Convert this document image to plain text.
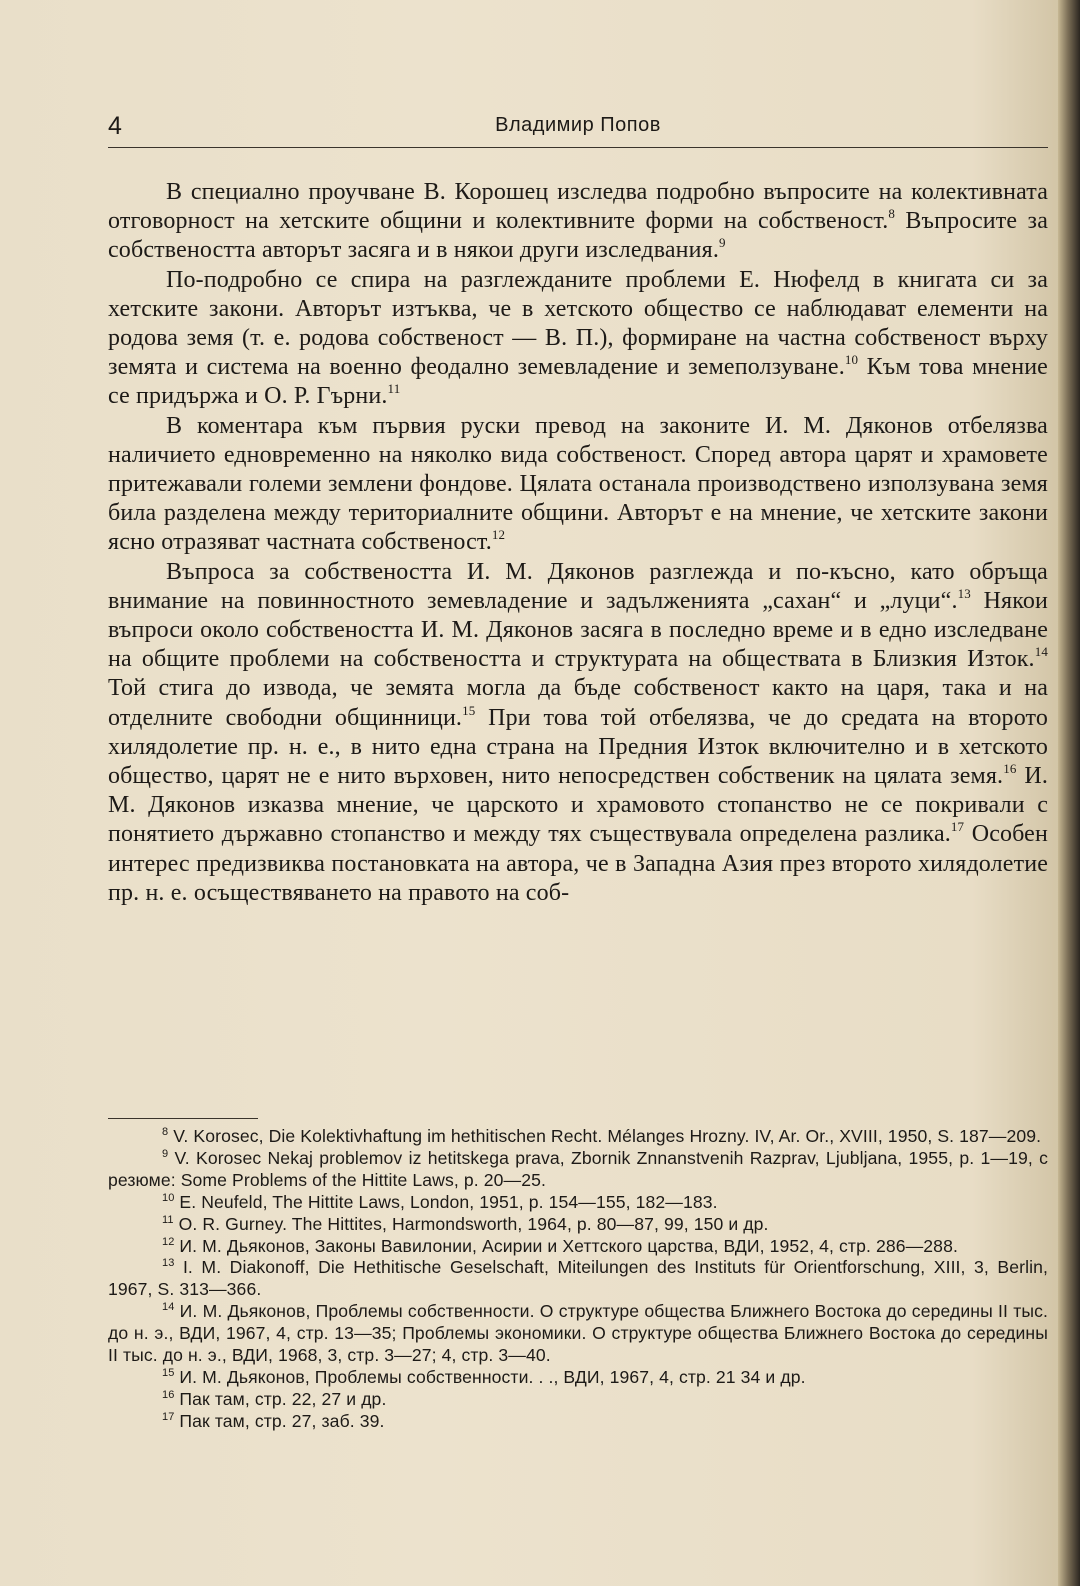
4	Владимир Попов

В специално проучване В. Корошец изследва подробно въпросите на колективната отговорност на хетските общини и колективните форми на собственост.$^8$ Въпросите за собствеността авторът засяга и в някои други изследвания.$^9$

По-подробно се спира на разглежданите проблеми Е. Нюфелд в книгата си за хетските закони. Авторът изтъква, че в хетското общество се наблюдават елементи на родова земя (т. е. родова собственост — В. П.), формиране на частна собственост върху земята и система на военно феодално земевладение и земеползуване.$^{10}$ Към това мнение се придържа и О. Р. Гърни.$^{11}$

В коментара към първия руски превод на законите И. М. Дяконов отбелязва наличието едновременно на няколко вида собственост. Според автора царят и храмовете притежавали големи землени фондове. Цялата останала производствено използувана земя била разделена между териториалните общини. Авторът е на мнение, че хетските закони ясно отразяват частната собственост.$^{12}$

Въпроса за собствеността И. М. Дяконов разглежда и по-късно, като обръща внимание на повинностното земевладение и задълженията „сахан“ и „луци“.$^{13}$ Някои въпроси около собствеността И. М. Дяконов засяга в последно време и в едно изследване на общите проблеми на собствеността и структурата на обществата в Близкия Изток.$^{14}$ Той стига до извода, че земята могла да бъде собственост както на царя, така и на отделните свободни общинници.$^{15}$ При това той отбелязва, че до средата на второто хилядолетие пр. н. е., в нито една страна на Предния Изток включително и в хетското общество, царят не е нито върховен, нито непосредствен собственик на цялата земя.$^{16}$ И. М. Дяконов изказва мнение, че царското и храмовото стопанство не се покривали с понятието държавно стопанство и между тях съществувала определена разлика.$^{17}$ Особен интерес предизвиква постановката на автора, че в Западна Азия през второто хилядолетие пр. н. е. осъществяването на правото на соб-

$^8$ V. Korosec, Die Kolektivhaftung im hethitischen Recht. Mélanges Hrozny. IV, Ar. Or., XVIII, 1950, S. 187—209.

$^9$ V. Korosec Nekaj problemov iz hetitskega prava, Zbornik Znnanstvenih Razprav, Ljubljana, 1955, p. 1—19, с резюме: Some Problems of the Hittite Laws, p. 20—25.

$^{10}$ E. Neufeld, The Hittite Laws, London, 1951, p. 154—155, 182—183.

$^{11}$ O. R. Gurney. The Hittites, Harmondsworth, 1964, p. 80—87, 99, 150 и др.

$^{12}$ И. М. Дьяконов, Законы Вавилонии, Асирии и Хеттского царства, ВДИ, 1952, 4, стр. 286—288.

$^{13}$ I. M. Diakonoff, Die Hethitische Geselschaft, Miteilungen des Instituts für Orientforschung, XIII, 3, Berlin, 1967, S. 313—366.

$^{14}$ И. М. Дьяконов, Проблемы собственности. О структуре общества Ближнего Востока до середины II тыс. до н. э., ВДИ, 1967, 4, стр. 13—35; Проблемы экономики. О структуре общества Ближнего Востока до середины II тыс. до н. э., ВДИ, 1968, 3, стр. 3—27; 4, стр. 3—40.

$^{15}$ И. М. Дьяконов, Проблемы собственности. . ., ВДИ, 1967, 4, стр. 21 34 и др.

$^{16}$ Пак там, стр. 22, 27 и др.

$^{17}$ Пак там, стр. 27, заб. 39.
